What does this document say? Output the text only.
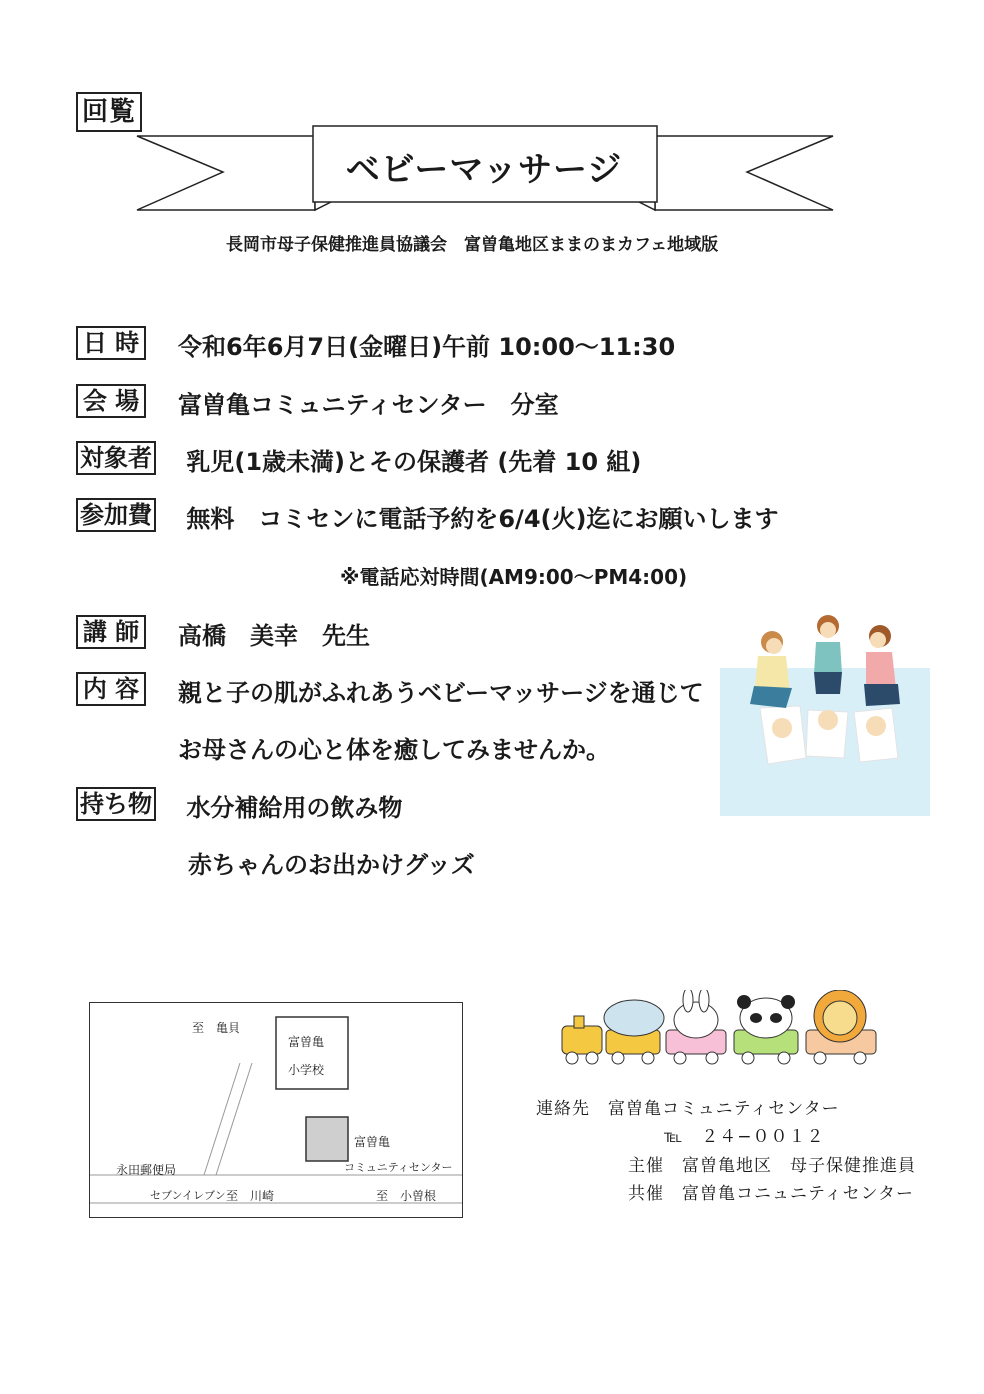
回覧
ベビーマッサージ
長岡市母子保健推進員協議会　富曽亀地区ままのまカフェ地域版
日 時 令和6年6月7日(金曜日)午前 10:00〜11:30
会 場 富曽亀コミュニティセンター　分室
対象者 乳児(1歳未満)とその保護者 (先着 10 組)
参加費 無料　コミセンに電話予約を6/4(火)迄にお願いします
※電話応対時間(AM9:00〜PM4:00)
講 師 高橋　美幸　先生
内 容 親と子の肌がふれあうベビーマッサージを通じて
お母さんの心と体を癒してみませんか。
持ち物 水分補給用の飲み物
赤ちゃんのお出かけグッズ
至　亀貝
富曽亀
小学校
富曽亀
コミュニティセンター
永田郵便局
セブンイレブン 至　川崎	至　小曽根
連絡先　富曽亀コミュニティセンター
℡　２４−００１２
主催　富曽亀地区　母子保健推進員
共催　富曽亀コニュニティセンター
